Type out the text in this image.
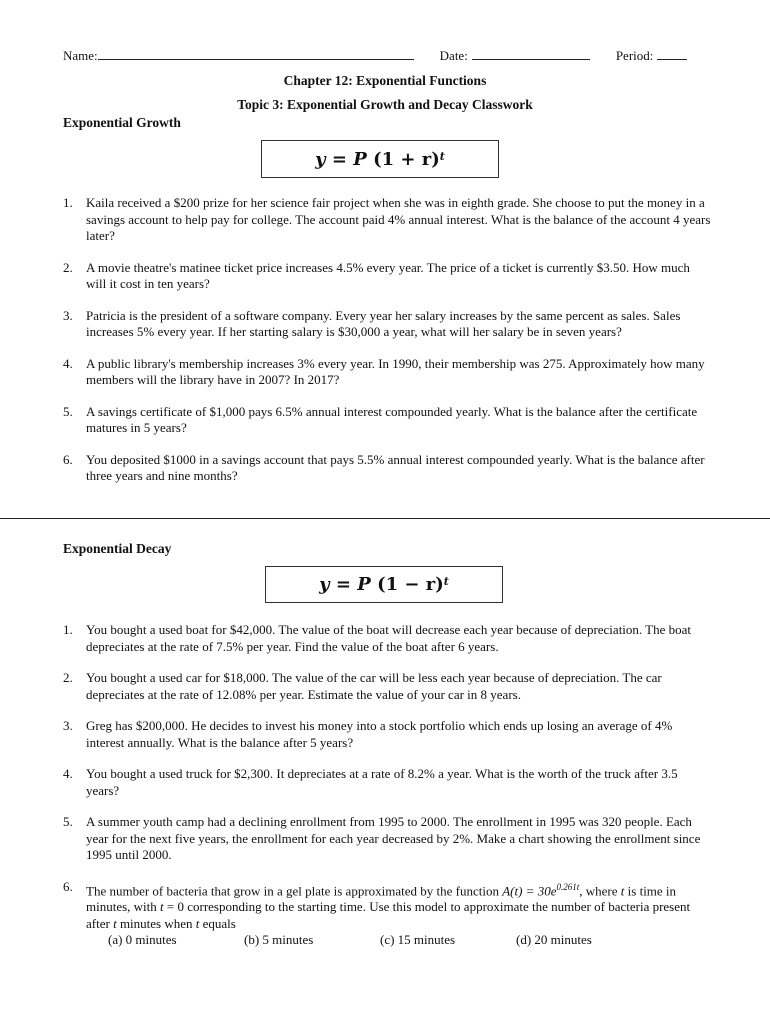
Name:	Date:	Period:
Chapter 12: Exponential Functions
Topic 3: Exponential Growth and Decay Classwork
Exponential Growth
y
=
P
$(1 + r)^t$
1.	Kaila received a $200 prize for her science fair project when she was in eighth grade. She choose to put the money in a savings account to help pay for college. The account paid 4% annual interest. What is the balance of the account 4 years later?
2.	A movie theatre's matinee ticket price increases 4.5% every year. The price of a ticket is currently $3.50. How much will it cost in ten years?
3.	Patricia is the president of a software company. Every year her salary increases by the same percent as sales. Sales increases 5% every year. If her starting salary is $30,000 a year, what will her salary be in seven years?
4.	A public library's membership increases 3% every year. In 1990, their membership was 275. Approximately how many members will the library have in 2007? In 2017?
5.	A savings certificate of $1,000 pays 6.5% annual interest compounded yearly. What is the balance after the certificate matures in 5 years?
6.	You deposited $1000 in a savings account that pays 5.5% annual interest compounded yearly. What is the balance after three years and nine months?
Exponential Decay
y
=
P
$(1 - r)^t$
1.	You bought a used boat for $42,000. The value of the boat will decrease each year because of depreciation. The boat depreciates at the rate of 7.5% per year. Find the value of the boat after 6 years.
2.	You bought a used car for $18,000. The value of the car will be less each year because of depreciation. The car depreciates at the rate of 12.08% per year. Estimate the value of your car in 8 years.
3.	Greg has $200,000. He decides to invest his money into a stock portfolio which ends up losing an average of 4% interest annually. What is the balance after 5 years?
4.	You bought a used truck for $2,300. It depreciates at a rate of 8.2% a year. What is the worth of the truck after 3.5 years?
5.	A summer youth camp had a declining enrollment from 1995 to 2000. The enrollment in 1995 was 320 people. Each year for the next five years, the enrollment for each year decreased by 2%. Make a chart showing the enrollment since 1995 until 2000.
6.	The number of bacteria that grow in a gel plate is approximated by the function $A(t) = 30e^{0.261t}$, where t is time in minutes, with t = 0 corresponding to the starting time. Use this model to approximate the number of bacteria present after t minutes when t equals
(a) 0 minutes	(b) 5 minutes	(c) 15 minutes	(d) 20 minutes
